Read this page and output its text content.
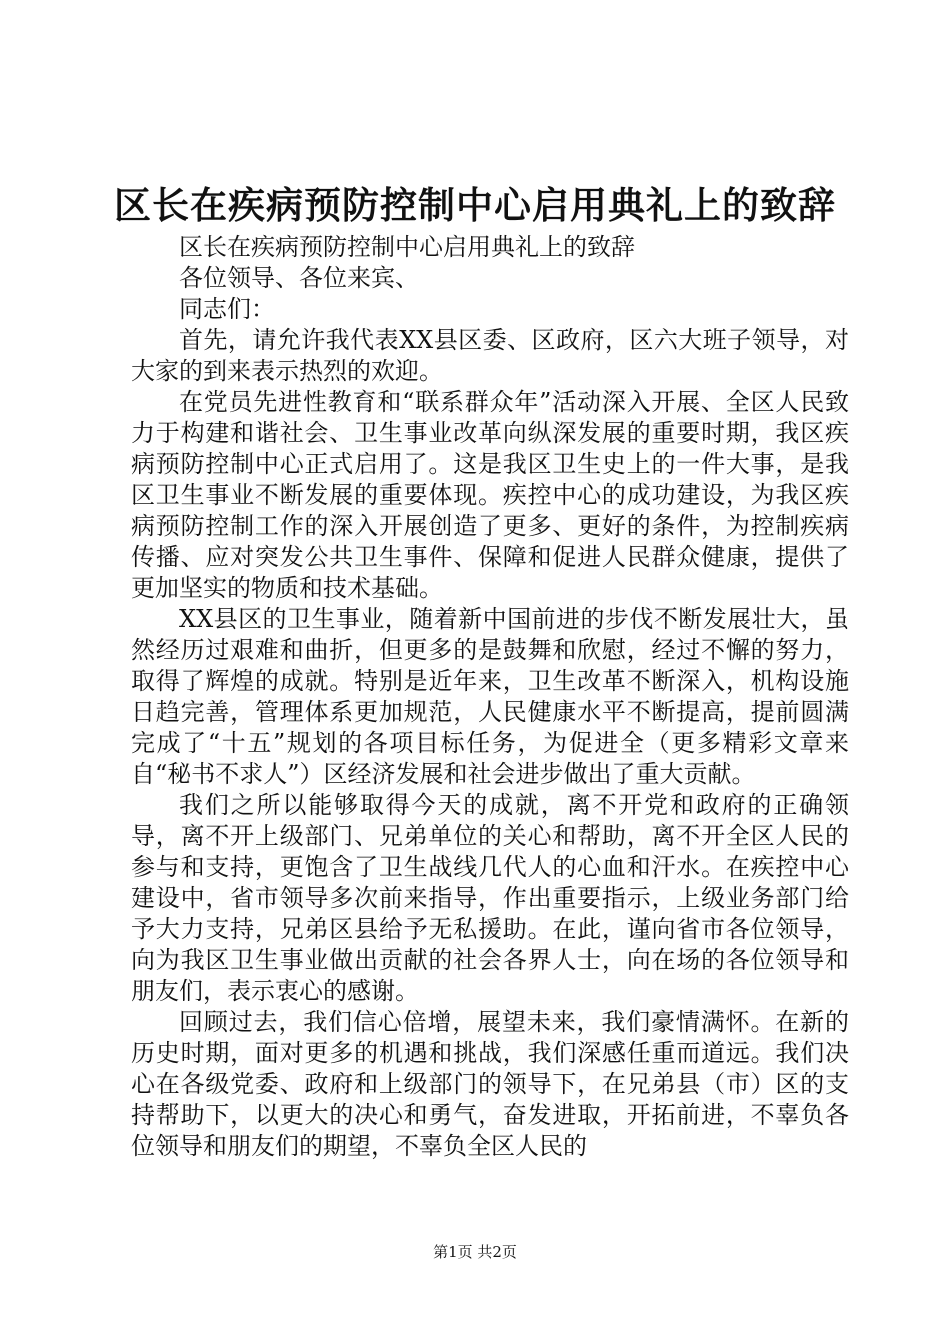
区长在疾病预防控制中心启用典礼上的致辞

区长在疾病预防控制中心启用典礼上的致辞

各位领导、各位来宾、

同志们：

首先，请允许我代表XX县区委、区政府，区六大班子领导，对大家的到来表示热烈的欢迎。

在党员先进性教育和“联系群众年”活动深入开展、全区人民致力于构建和谐社会、卫生事业改革向纵深发展的重要时期，我区疾病预防控制中心正式启用了。这是我区卫生史上的一件大事，是我区卫生事业不断发展的重要体现。疾控中心的成功建设，为我区疾病预防控制工作的深入开展创造了更多、更好的条件，为控制疾病传播、应对突发公共卫生事件、保障和促进人民群众健康，提供了更加坚实的物质和技术基础。

XX县区的卫生事业，随着新中国前进的步伐不断发展壮大，虽然经历过艰难和曲折，但更多的是鼓舞和欣慰，经过不懈的努力，取得了辉煌的成就。特别是近年来，卫生改革不断深入，机构设施日趋完善，管理体系更加规范，人民健康水平不断提高，提前圆满完成了“十五”规划的各项目标任务，为促进全（更多精彩文章来自“秘书不求人”）区经济发展和社会进步做出了重大贡献。

我们之所以能够取得今天的成就，离不开党和政府的正确领导，离不开上级部门、兄弟单位的关心和帮助，离不开全区人民的参与和支持，更饱含了卫生战线几代人的心血和汗水。在疾控中心建设中，省市领导多次前来指导，作出重要指示，上级业务部门给予大力支持，兄弟区县给予无私援助。在此，谨向省市各位领导，向为我区卫生事业做出贡献的社会各界人士，向在场的各位领导和朋友们，表示衷心的感谢。

回顾过去，我们信心倍增，展望未来，我们豪情满怀。在新的历史时期，面对更多的机遇和挑战，我们深感任重而道远。我们决心在各级党委、政府和上级部门的领导下，在兄弟县（市）区的支持帮助下，以更大的决心和勇气，奋发进取，开拓前进，不辜负各位领导和朋友们的期望，不辜负全区人民的

第1页 共2页
